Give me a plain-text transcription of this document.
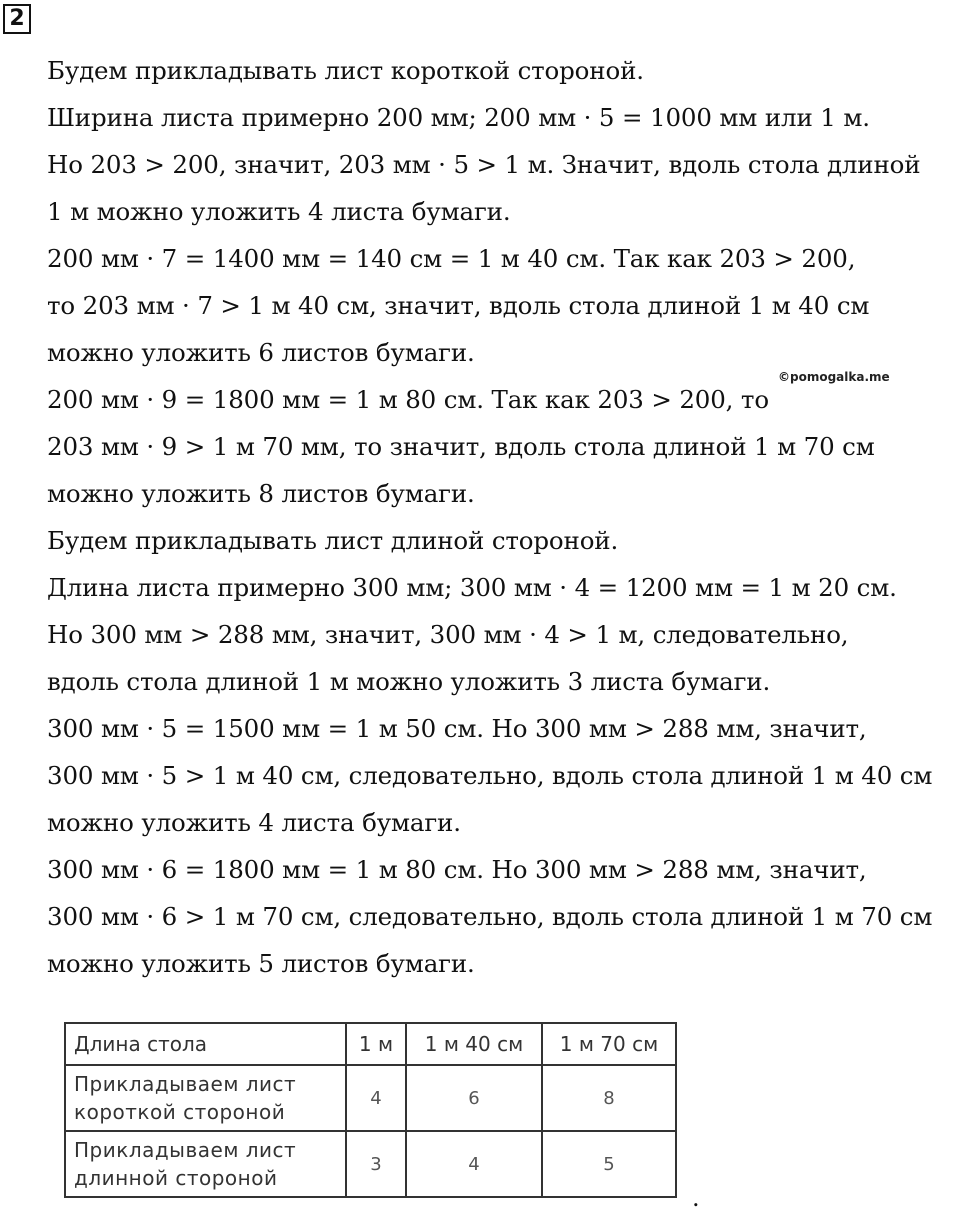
2
©pomogalka.me
Будем прикладывать лист короткой стороной.
Ширина листа примерно 200 мм; 200 мм · 5 = 1000 мм или 1 м.
Но 203 > 200, значит, 203 мм · 5 > 1 м. Значит, вдоль стола длиной
1 м можно уложить 4 листа бумаги.
200 мм · 7 = 1400 мм = 140 см = 1 м 40 см. Так как 203 > 200,
то 203 мм · 7 > 1 м 40 см, значит, вдоль стола длиной 1 м 40 см
можно уложить 6 листов бумаги.
200 мм · 9 = 1800 мм = 1 м 80 см. Так как 203 > 200, то
203 мм · 9 > 1 м 70 мм, то значит, вдоль стола длиной 1 м 70 см
можно уложить 8 листов бумаги.
Будем прикладывать лист длиной стороной.
Длина листа примерно 300 мм; 300 мм · 4 = 1200 мм = 1 м 20 см.
Но 300 мм > 288 мм, значит, 300 мм · 4 > 1 м, следовательно,
вдоль стола длиной 1 м можно уложить 3 листа бумаги.
300 мм · 5 = 1500 мм = 1 м 50 см. Но 300 мм > 288 мм, значит,
300 мм · 5 > 1 м 40 см, следовательно, вдоль стола длиной 1 м 40 см
можно уложить 4 листа бумаги.
300 мм · 6 = 1800 мм = 1 м 80 см. Но 300 мм > 288 мм, значит,
300 мм · 6 > 1 м 70 см, следовательно, вдоль стола длиной 1 м 70 см
можно уложить 5 листов бумаги.
Длина стола	1 м	1 м 40 см	1 м 70 см
Прикладываем лист
короткой стороной	4	6	8
Прикладываем лист
длинной стороной	3	4	5
.
